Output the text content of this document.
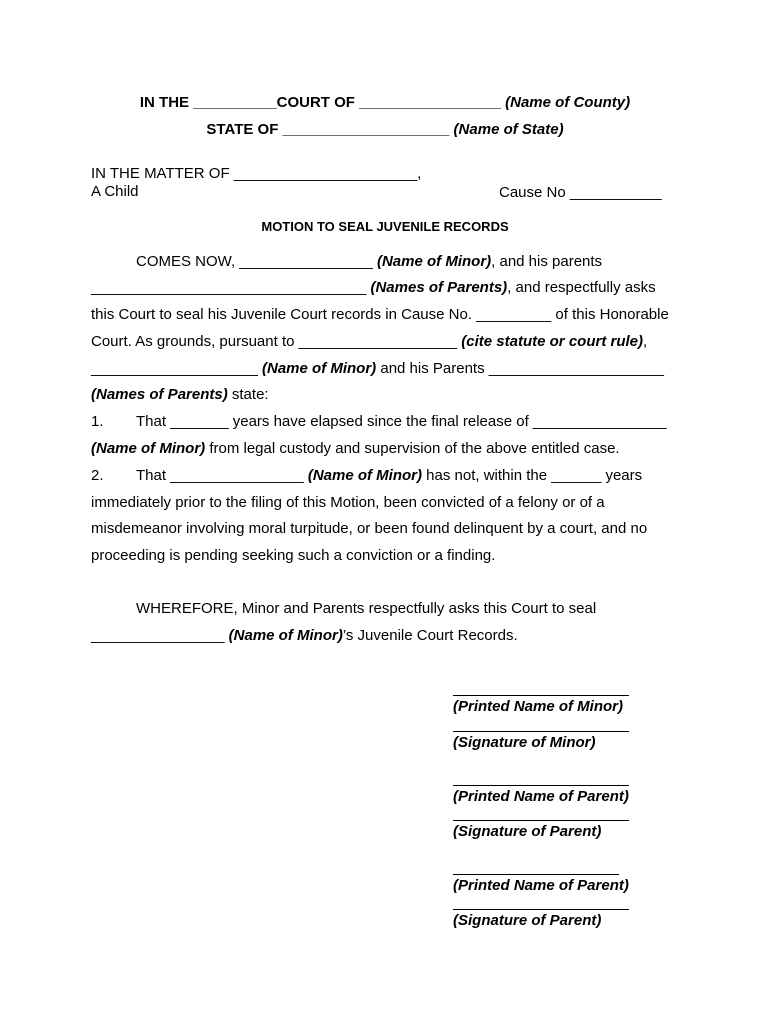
IN THE __________COURT OF _________________ (Name of County)
STATE OF ____________________ (Name of State)
IN THE MATTER OF ______________________,
A Child	Cause No ___________
MOTION TO SEAL JUVENILE RECORDS
COMES NOW, ________________ (Name of Minor), and his parents
_________________________________ (Names of Parents), and respectfully asks
this Court to seal his Juvenile Court records in Cause No. _________ of this Honorable
Court. As grounds, pursuant to ___________________ (cite statute or court rule),
____________________ (Name of Minor) and his Parents _____________________
(Names of Parents) state:
1. That _______ years have elapsed since the final release of ________________
(Name of Minor) from legal custody and supervision of the above entitled case.
2. That ________________ (Name of Minor) has not, within the ______ years
immediately prior to the filing of this Motion, been convicted of a felony or of a
misdemeanor involving moral turpitude, or been found delinquent by a court, and no
proceeding is pending seeking such a conviction or a finding.
WHEREFORE, Minor and Parents respectfully asks this Court to seal
________________ (Name of Minor)’s Juvenile Court Records.
(Printed Name of Minor)
(Signature of Minor)
(Printed Name of Parent)
(Signature of Parent)
(Printed Name of Parent)
(Signature of Parent)
